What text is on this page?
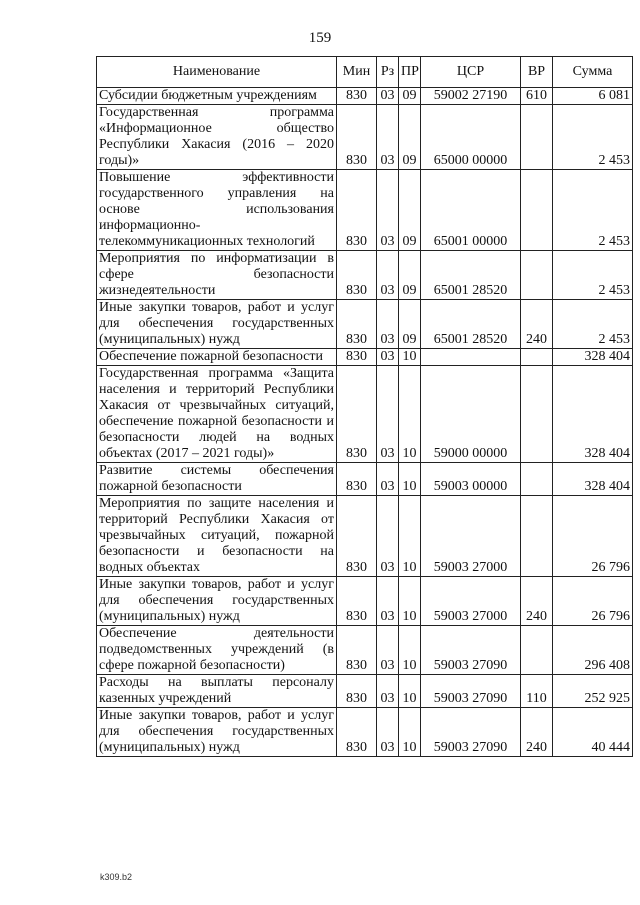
159
Наименование	Мин	Рз	ПР	ЦСР	ВР	Сумма
Субсидии бюджетным учреждениям	830	03	09	59002 27190	610	6 081
Государственная программа «Информационное общество Республики Хакасия (2016 – 2020 годы)»	830	03	09	65000 00000		2 453
Повышение эффективности государственного управления на основе использования информационно-телекоммуникационных технологий	830	03	09	65001 00000		2 453
Мероприятия по информатизации в сфере безопасности жизнедеятельности	830	03	09	65001 28520		2 453
Иные закупки товаров, работ и услуг для обеспечения государственных (муниципальных) нужд	830	03	09	65001 28520	240	2 453
Обеспечение пожарной безопасности	830	03	10			328 404
Государственная программа «Защита населения и территорий Республики Хакасия от чрезвычайных ситуаций, обеспечение пожарной безопасности и безопасности людей на водных объектах (2017 – 2021 годы)»	830	03	10	59000 00000		328 404
Развитие системы обеспечения пожарной безопасности	830	03	10	59003 00000		328 404
Мероприятия по защите населения и территорий Республики Хакасия от чрезвычайных ситуаций, пожарной безопасности и безопасности на водных объектах	830	03	10	59003 27000		26 796
Иные закупки товаров, работ и услуг для обеспечения государственных (муниципальных) нужд	830	03	10	59003 27000	240	26 796
Обеспечение деятельности подведомственных учреждений (в сфере пожарной безопасности)	830	03	10	59003 27090		296 408
Расходы на выплаты персоналу казенных учреждений	830	03	10	59003 27090	110	252 925
Иные закупки товаров, работ и услуг для обеспечения государственных (муниципальных) нужд	830	03	10	59003 27090	240	40 444
k309.b2
